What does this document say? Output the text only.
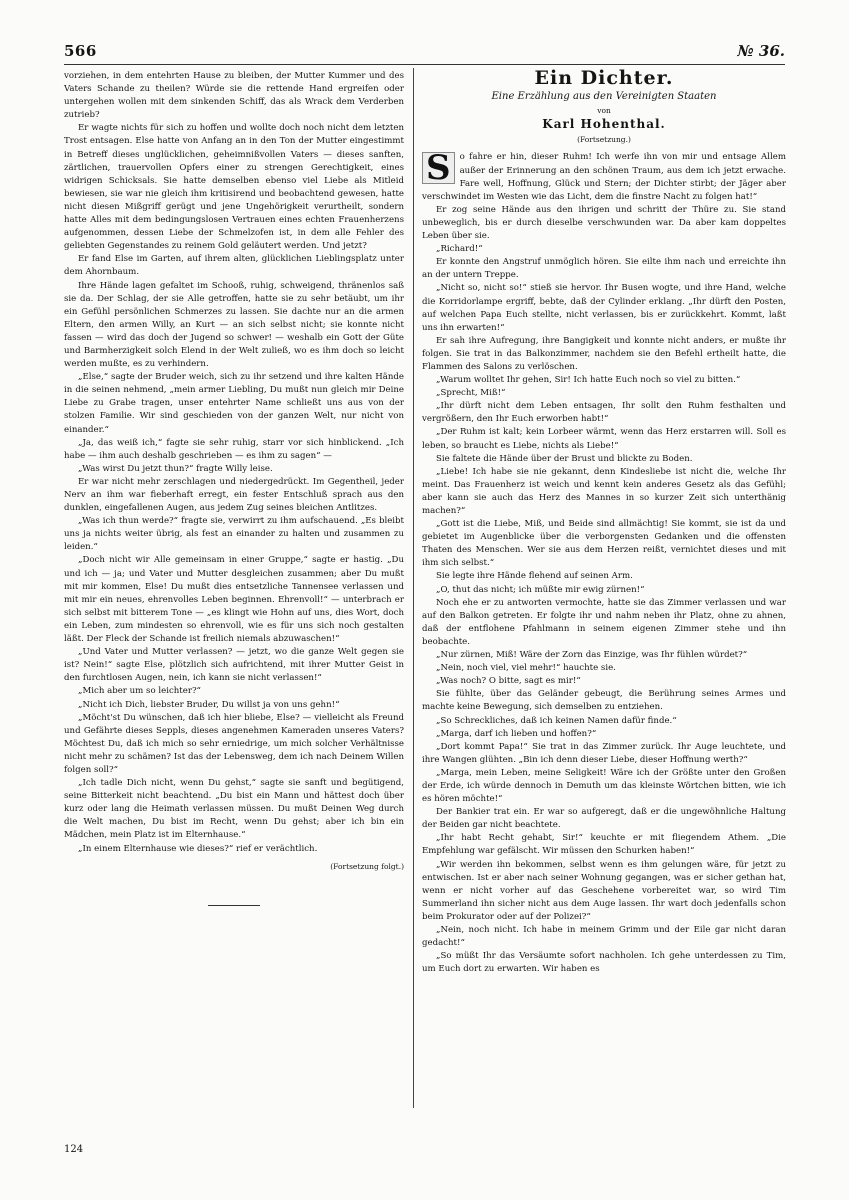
566	№ 36.

vorziehen, in dem entehrten Hause zu bleiben, der Mutter Kummer und des Vaters Schande zu theilen? Würde sie die rettende Hand ergreifen oder untergehen wollen mit dem sinkenden Schiff, das als Wrack dem Verderben zutrieb?

Er wagte nichts für sich zu hoffen und wollte doch noch nicht dem letzten Trost entsagen. Else hatte von Anfang an in den Ton der Mutter eingestimmt in Betreff dieses unglücklichen, geheimnißvollen Vaters — dieses sanften, zärtlichen, trauervollen Opfers einer zu strengen Gerechtigkeit, eines widrigen Schicksals. Sie hatte demselben ebenso viel Liebe als Mitleid bewiesen, sie war nie gleich ihm kritisirend und beobachtend gewesen, hatte nicht diesen Mißgriff gerügt und jene Ungehörigkeit verurtheilt, sondern hatte Alles mit dem bedingungslosen Vertrauen eines echten Frauenherzens aufgenommen, dessen Liebe der Schmelzofen ist, in dem alle Fehler des geliebten Gegenstandes zu reinem Gold geläutert werden. Und jetzt?

Er fand Else im Garten, auf ihrem alten, glücklichen Lieblingsplatz unter dem Ahornbaum.

Ihre Hände lagen gefaltet im Schooß, ruhig, schweigend, thränenlos saß sie da. Der Schlag, der sie Alle getroffen, hatte sie zu sehr betäubt, um ihr ein Gefühl persönlichen Schmerzes zu lassen. Sie dachte nur an die armen Eltern, den armen Willy, an Kurt — an sich selbst nicht; sie konnte nicht fassen — wird das doch der Jugend so schwer! — weshalb ein Gott der Güte und Barmherzigkeit solch Elend in der Welt zuließ, wo es ihm doch so leicht werden mußte, es zu verhindern.

„Else,“ sagte der Bruder weich, sich zu ihr setzend und ihre kalten Hände in die seinen nehmend, „mein armer Liebling, Du mußt nun gleich mir Deine Liebe zu Grabe tragen, unser entehrter Name schließt uns aus von der stolzen Familie. Wir sind geschieden von der ganzen Welt, nur nicht von einander.“

„Ja, das weiß ich,“ fagte sie sehr ruhig, starr vor sich hinblickend. „Ich habe — ihm auch deshalb geschrieben — es ihm zu sagen“ —

„Was wirst Du jetzt thun?“ fragte Willy leise.

Er war nicht mehr zerschlagen und niedergedrückt. Im Gegentheil, jeder Nerv an ihm war fieberhaft erregt, ein fester Entschluß sprach aus den dunklen, eingefallenen Augen, aus jedem Zug seines bleichen Antlitzes.

„Was ich thun werde?“ fragte sie, verwirrt zu ihm aufschauend. „Es bleibt uns ja nichts weiter übrig, als fest an einander zu halten und zusammen zu leiden.“

„Doch nicht wir Alle gemeinsam in einer Gruppe,“ sagte er hastig. „Du und ich — ja; und Vater und Mutter desgleichen zusammen; aber Du mußt mit mir kommen, Else! Du mußt dies entsetzliche Tannensee verlassen und mit mir ein neues, ehrenvolles Leben beginnen. Ehrenvoll!“ — unterbrach er sich selbst mit bitterem Tone — „es klingt wie Hohn auf uns, dies Wort, doch ein Leben, zum mindesten so ehrenvoll, wie es für uns sich noch gestalten läßt. Der Fleck der Schande ist freilich niemals abzuwaschen!“

„Und Vater und Mutter verlassen? — jetzt, wo die ganze Welt gegen sie ist? Nein!“ sagte Else, plötzlich sich aufrichtend, mit ihrer Mutter Geist in den furchtlosen Augen, nein, ich kann sie nicht verlassen!“

„Mich aber um so leichter?“

„Nicht ich Dich, liebster Bruder, Du willst ja von uns gehn!“

„Möcht'st Du wünschen, daß ich hier bliebe, Else? — vielleicht als Freund und Gefährte dieses Seppls, dieses angenehmen Kameraden unseres Vaters? Möchtest Du, daß ich mich so sehr erniedrige, um mich solcher Verhältnisse nicht mehr zu schämen? Ist das der Lebensweg, dem ich nach Deinem Willen folgen soll?“

„Ich tadle Dich nicht, wenn Du gehst,“ sagte sie sanft und begütigend, seine Bitterkeit nicht beachtend. „Du bist ein Mann und hättest doch über kurz oder lang die Heimath verlassen müssen. Du mußt Deinen Weg durch die Welt machen, Du bist im Recht, wenn Du gehst; aber ich bin ein Mädchen, mein Platz ist im Elternhause.“

„In einem Elternhause wie dieses?“ rief er verächtlich.

(Fortsetzung folgt.)

Ein Dichter.
Eine Erzählung aus den Vereinigten Staaten
von
Karl Hohenthal.
(Fortsetzung.)

S	o fahre er hin, dieser Ruhm! Ich werfe ihn von mir und entsage Allem außer der Erinnerung an den schönen Traum, aus dem ich jetzt erwache. Fare well, Hoffnung, Glück und Stern; der Dichter stirbt; der Jäger aber verschwindet im Westen wie das Licht, dem die finstre Nacht zu folgen hat!“

Er zog seine Hände aus den ihrigen und schritt der Thüre zu. Sie stand unbeweglich, bis er durch dieselbe verschwunden war. Da aber kam doppeltes Leben über sie.

„Richard!“

Er konnte den Angstruf unmöglich hören. Sie eilte ihm nach und erreichte ihn an der untern Treppe.

„Nicht so, nicht so!“ stieß sie hervor. Ihr Busen wogte, und ihre Hand, welche die Korridorlampe ergriff, bebte, daß der Cylinder erklang. „Ihr dürft den Posten, auf welchen Papa Euch stellte, nicht verlassen, bis er zurückkehrt. Kommt, laßt uns ihn erwarten!“

Er sah ihre Aufregung, ihre Bangigkeit und konnte nicht anders, er mußte ihr folgen. Sie trat in das Balkonzimmer, nachdem sie den Befehl ertheilt hatte, die Flammen des Salons zu verlöschen.

„Warum wolltet Ihr gehen, Sir! Ich hatte Euch noch so viel zu bitten.“

„Sprecht, Miß!“

„Ihr dürft nicht dem Leben entsagen, Ihr sollt den Ruhm festhalten und vergrößern, den Ihr Euch erworben habt!“

„Der Ruhm ist kalt; kein Lorbeer wärmt, wenn das Herz erstarren will. Soll es leben, so braucht es Liebe, nichts als Liebe!“

Sie faltete die Hände über der Brust und blickte zu Boden.

„Liebe! Ich habe sie nie gekannt, denn Kindesliebe ist nicht die, welche Ihr meint. Das Frauenherz ist weich und kennt kein anderes Gesetz als das Gefühl; aber kann sie auch das Herz des Mannes in so kurzer Zeit sich unterthänig machen?“

„Gott ist die Liebe, Miß, und Beide sind allmächtig! Sie kommt, sie ist da und gebietet im Augenblicke über die verborgensten Gedanken und die offensten Thaten des Menschen. Wer sie aus dem Herzen reißt, vernichtet dieses und mit ihm sich selbst.“

Sie legte ihre Hände flehend auf seinen Arm.

„O, thut das nicht; ich müßte mir ewig zürnen!“

Noch ehe er zu antworten vermochte, hatte sie das Zimmer verlassen und war auf den Balkon getreten. Er folgte ihr und nahm neben ihr Platz, ohne zu ahnen, daß der entflohene Pfahlmann in seinem eigenen Zimmer stehe und ihn beobachte.

„Nur zürnen, Miß! Wäre der Zorn das Einzige, was Ihr fühlen würdet?“

„Nein, noch viel, viel mehr!“ hauchte sie.

„Was noch? O bitte, sagt es mir!“

Sie fühlte, über das Geländer gebeugt, die Berührung seines Armes und machte keine Bewegung, sich demselben zu entziehen.

„So Schreckliches, daß ich keinen Namen dafür finde.“

„Marga, darf ich lieben und hoffen?“

„Dort kommt Papa!“ Sie trat in das Zimmer zurück. Ihr Auge leuchtete, und ihre Wangen glühten. „Bin ich denn dieser Liebe, dieser Hoffnung werth?“

„Marga, mein Leben, meine Seligkeit! Wäre ich der Größte unter den Großen der Erde, ich würde dennoch in Demuth um das kleinste Wörtchen bitten, wie ich es hören möchte!“

Der Bankier trat ein. Er war so aufgeregt, daß er die ungewöhnliche Haltung der Beiden gar nicht beachtete.

„Ihr habt Recht gehabt, Sir!“ keuchte er mit fliegendem Athem. „Die Empfehlung war gefälscht. Wir müssen den Schurken haben!“

„Wir werden ihn bekommen, selbst wenn es ihm gelungen wäre, für jetzt zu entwischen. Ist er aber nach seiner Wohnung gegangen, was er sicher gethan hat, wenn er nicht vorher auf das Geschehene vorbereitet war, so wird Tim Summerland ihn sicher nicht aus dem Auge lassen. Ihr wart doch jedenfalls schon beim Prokurator oder auf der Polizei?“

„Nein, noch nicht. Ich habe in meinem Grimm und der Eile gar nicht daran gedacht!“

„So müßt Ihr das Versäumte sofort nachholen. Ich gehe unterdessen zu Tim, um Euch dort zu erwarten. Wir haben es

124
